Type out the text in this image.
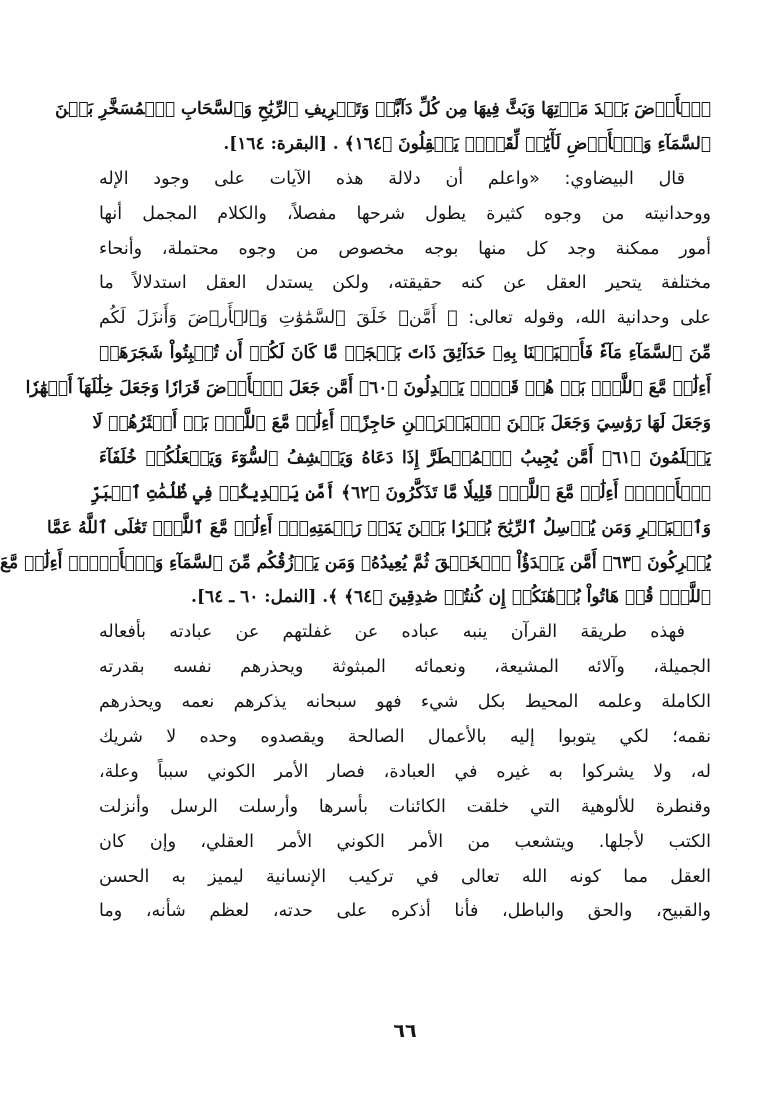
ٱلۡأَرۡضَ بَعۡدَ مَوۡتِهَا وَبَثَّ فِيهَا مِن كُلِّ دَآبَّةٖ وَتَصۡرِيفِ ٱلرِّيَٰحِ وَٱلسَّحَابِ ٱلۡمُسَخَّرِ بَيۡنَ
ٱلسَّمَآءِ وَٱلۡأَرۡضِ لَأٓيَٰتٖ لِّقَوۡمٖ يَعۡقِلُونَ ﴿١٦٤﴾ . [البقرة: ١٦٤].
قال البيضاوي: «واعلم أن دلالة هذه الآيات على وجود الإله
ووحدانيته من وجوه كثيرة يطول شرحها مفصلاً، والكلام المجمل أنها
أمور ممكنة وجد كل منها بوجه مخصوص من وجوه محتملة، وأنحاء
مختلفة يتحير العقل عن كنه حقيقته، ولكن يستدل العقل استدلالاً ما
على وحدانية الله، وقوله تعالى: ﴿ أَمَّنۡ خَلَقَ ٱلسَّمَٰوَٰتِ وَٱلۡأَرۡضَ وَأَنزَلَ لَكُم
مِّنَ ٱلسَّمَآءِ مَآءٗ فَأَنۢبَتۡنَا بِهِۦ حَدَآئِقَ ذَاتَ بَهۡجَةٖ مَّا كَانَ لَكُمۡ أَن تُنۢبِتُواْ شَجَرَهَآۗ
أَءِلَٰهٞ مَّعَ ٱللَّهِۚ بَلۡ هُمۡ قَوۡمٞ يَعۡدِلُونَ ﴿٦٠﴾ أَمَّن جَعَلَ ٱلۡأَرۡضَ قَرَارٗا وَجَعَلَ خِلَٰلَهَآ أَنۡهَٰرٗا
وَجَعَلَ لَهَا رَوَٰسِيَ وَجَعَلَ بَيۡنَ ٱلۡبَحۡرَيۡنِ حَاجِزًاۗ أَءِلَٰهٞ مَّعَ ٱللَّهِۚ بَلۡ أَكۡثَرُهُمۡ لَا
يَعۡلَمُونَ ﴿٦١﴾ أَمَّن يُجِيبُ ٱلۡمُضۡطَرَّ إِذَا دَعَاهُ وَيَكۡشِفُ ٱلسُّوٓءَ وَيَجۡعَلُكُمۡ خُلَفَآءَ
ٱلۡأَرۡضِۗ أَءِلَٰهٞ مَّعَ ٱللَّهِۚ قَلِيلٗا مَّا تَذَكَّرُونَ ﴿٦٢﴾ أَمَّن يَهۡدِيكُمۡ فِي ظُلُمَٰتِ ٱلۡبَرِّ
وَٱلۡبَحۡرِ وَمَن يُرۡسِلُ ٱلرِّيَٰحَ بُشۡرَۢا بَيۡنَ يَدَيۡ رَحۡمَتِهِۦٓۗ أَءِلَٰهٞ مَّعَ ٱللَّهِۚ تَعَٰلَى ٱللَّهُ عَمَّا
يُشۡرِكُونَ ﴿٦٣﴾ أَمَّن يَبۡدَؤُاْ ٱلۡخَلۡقَ ثُمَّ يُعِيدُهُۥ وَمَن يَرۡزُقُكُم مِّنَ ٱلسَّمَآءِ وَٱلۡأَرۡضِۗ أَءِلَٰهٞ مَّعَ
ٱللَّهِۚ قُلۡ هَاتُواْ بُرۡهَٰنَكُمۡ إِن كُنتُمۡ صَٰدِقِينَ ﴿٦٤﴾ ﴾. [النمل: ٦٠ ـ ٦٤].
فهذه طريقة القرآن ينبه عباده عن غفلتهم عن عبادته بأفعاله
الجميلة، وآلائه المشيعة، ونعمائه المبثوثة ويحذرهم نفسه بقدرته
الكاملة وعلمه المحيط بكل شيء فهو سبحانه يذكرهم نعمه ويحذرهم
نقمه؛ لكي يتوبوا إليه بالأعمال الصالحة ويقصدوه وحده لا شريك
له، ولا يشركوا به غيره في العبادة، فصار الأمر الكوني سبباً وعلة،
وقنطرة للألوهية التي خلقت الكائنات بأسرها وأرسلت الرسل وأنزلت
الكتب لأجلها. ويتشعب من الأمر الكوني الأمر العقلي، وإن كان
العقل مما كونه الله تعالى في تركيب الإنسانية ليميز به الحسن
والقبيح، والحق والباطل، فأنا أذكره على حدته، لعظم شأنه، وما
٦٦
